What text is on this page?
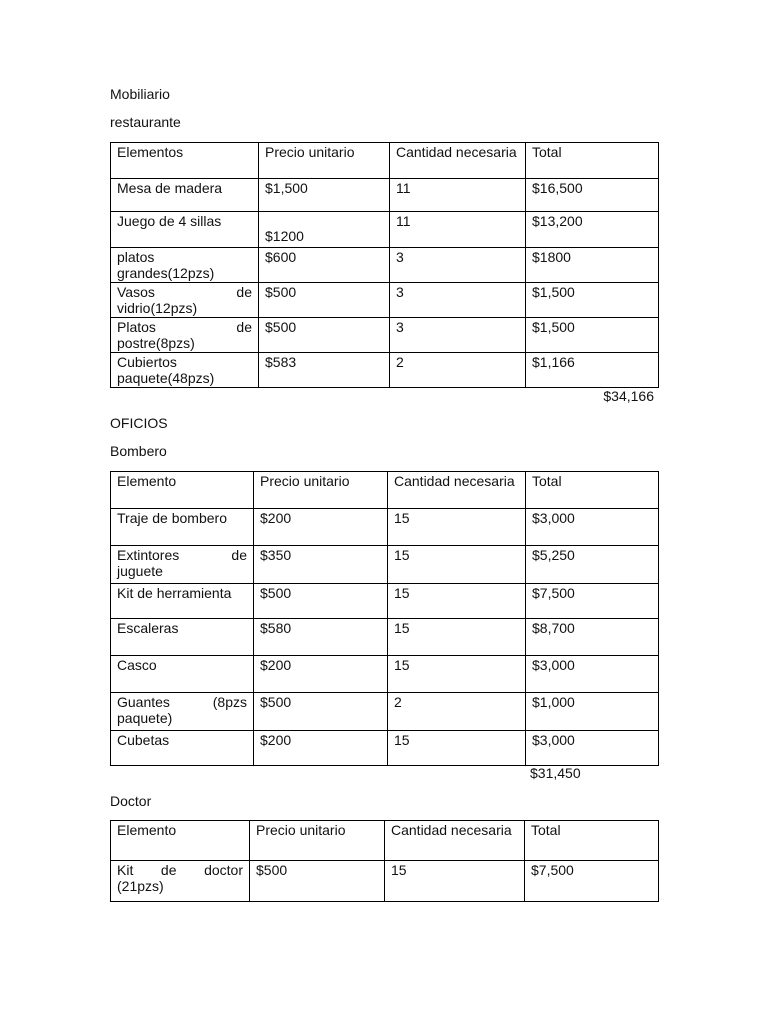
Mobiliario
restaurante
Elementos	Precio unitario	Cantidad necesaria	Total
Mesa de madera	$1,500	11	$16,500
Juego de 4 sillas	$1200	11	$13,200
platos grandes(12pzs)	$600	3	$1800
Vasos de vidrio(12pzs)	$500	3	$1,500
Platos de postre(8pzs)	$500	3	$1,500
Cubiertos paquete(48pzs)	$583	2	$1,166
$34,166
OFICIOS
Bombero
Elemento	Precio unitario	Cantidad necesaria	Total
Traje de bombero	$200	15	$3,000
Extintores de juguete	$350	15	$5,250
Kit de herramienta	$500	15	$7,500
Escaleras	$580	15	$8,700
Casco	$200	15	$3,000
Guantes (8pzs paquete)	$500	2	$1,000
Cubetas	$200	15	$3,000
$31,450
Doctor
Elemento	Precio unitario	Cantidad necesaria	Total
Kit de doctor (21pzs)	$500	15	$7,500
